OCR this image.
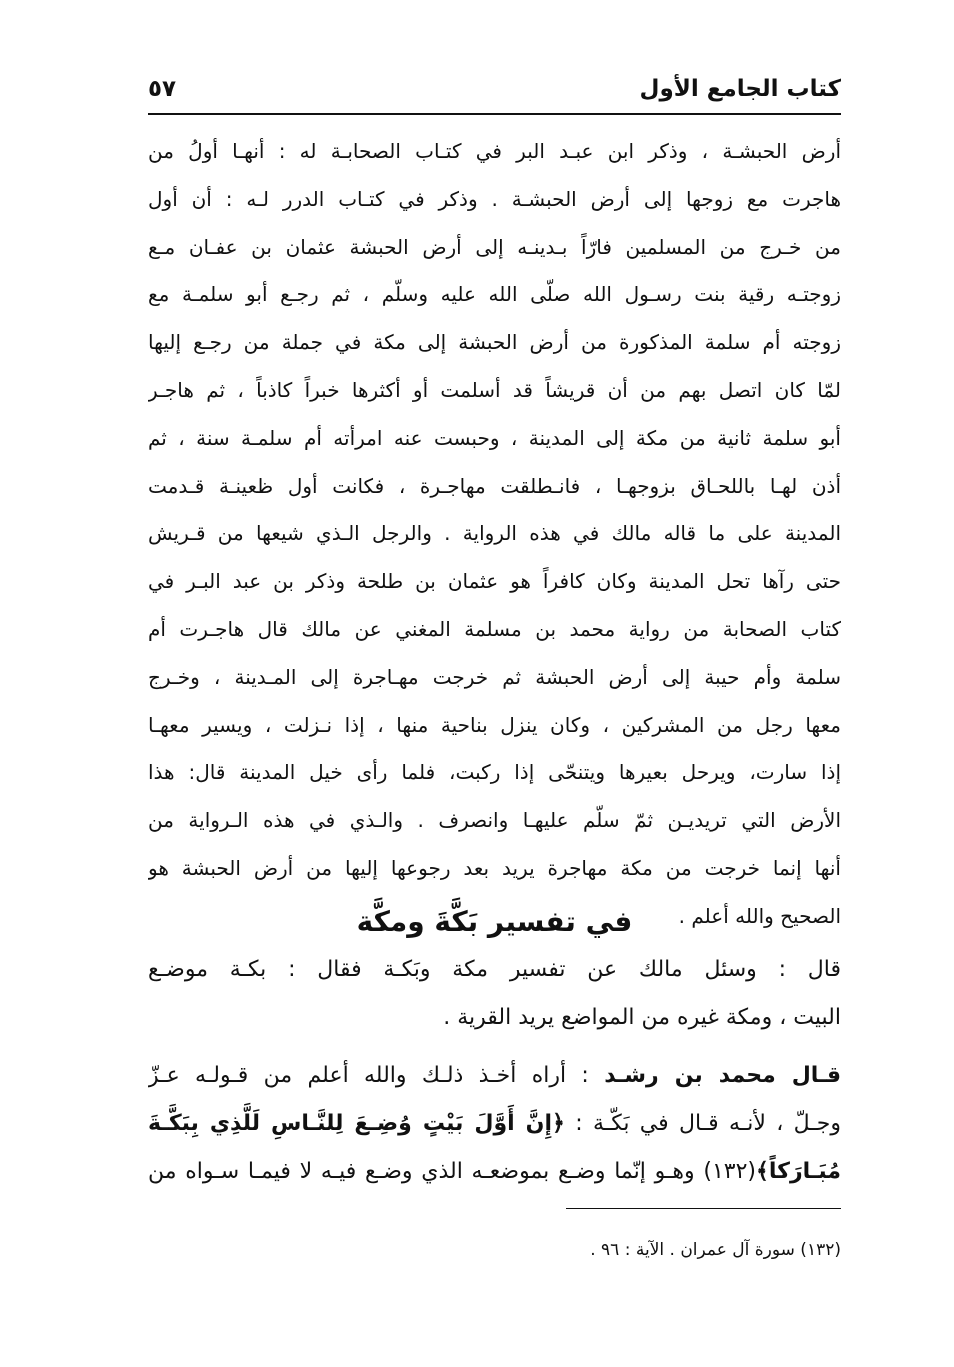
كتاب الجامع الأول
٥٧
أرض الحبشـة ، وذكر ابن عبـد البر في كتـاب الصحابـة له : أنهـا أولُ من
هاجرت مع زوجها إلى أرض الحبشـة . وذكر في كتـاب الدرر لـه : أن أول
من خـرج من المسلمين فارّاً بـدينـه إلى أرض الحبشة عثمان بن عفـان مـع
زوجتـه رقية بنت رسـول الله صلّى الله عليه وسلّم ، ثم رجـع أبو سلمـة مع
زوجته أم سلمة المذكورة من أرض الحبشة إلى مكة في جملة من رجـع إليها
لمّا كان اتصل بهم من أن قريشاً قد أسلمت أو أكثرها خبراً كاذباً ، ثم هاجـر
أبو سلمة ثانية من مكة إلى المدينة ، وحبست عنه امرأته أم سلمـة سنة ، ثم
أذن لهـا باللحـاق بزوجهـا ، فانـطلقت مهاجـرة ، فكانت أول ظعينـة قـدمت
المدينة على ما قاله مالك في هذه الرواية . والرجل الـذي شيعها من قـريش
حتى رآها تحل المدينة وكان كافراً هو عثمان بن طلحة وذكر بن عبد البـر في
كتاب الصحابة من رواية محمد بن مسلمة المغني عن مالك قال هاجـرت أم
سلمة وأم حيبة إلى أرض الحبشة ثم خرجت مهـاجرة إلى المـدينة ، وخـرج
معها رجل من المشركين ، وكان ينزل بناحية منها ، إذا نـزلت ، ويسير معهـا
إذا سارت، ويرحل بعيرها ويتنحّى إذا ركبت، فلما رأى خيل المدينة قال: هذا
الأرض التي تريديـن ثمّ سلّم عليهـا وانصرف . والـذي في هذه الـرواية من
أنها إنما خرجت من مكة مهاجرة يريد بعد رجوعها إليها من أرض الحبشة هو
الصحيح والله أعلم .
في تفسير بَكَّةَ ومكَّة
قال : وسئل مالك عن تفسير مكة وبَكـة فقال : بكـة موضـع
البيت ، ومكة غيره من المواضع يريد القرية .
قـال محمد بن رشـد : أراه أخـذ ذلـك والله أعلم من قـولـه عـزّ
وجـلّ ، لأنـه قـال في بَكّـة : ﴿إِنَّ أَوَّلَ بَيْتٍ وُضِـعَ لِلنَّـاسِ لَلَّذِي بِبَكَّـةَ
مُبَـارَكاً﴾(١٣٢) وهـو إنّما وضـع بموضعـه الذي وضـع فيـه لا فيمـا سـواه من
(١٣٢) سورة آل عمران . الآية : ٩٦ .
